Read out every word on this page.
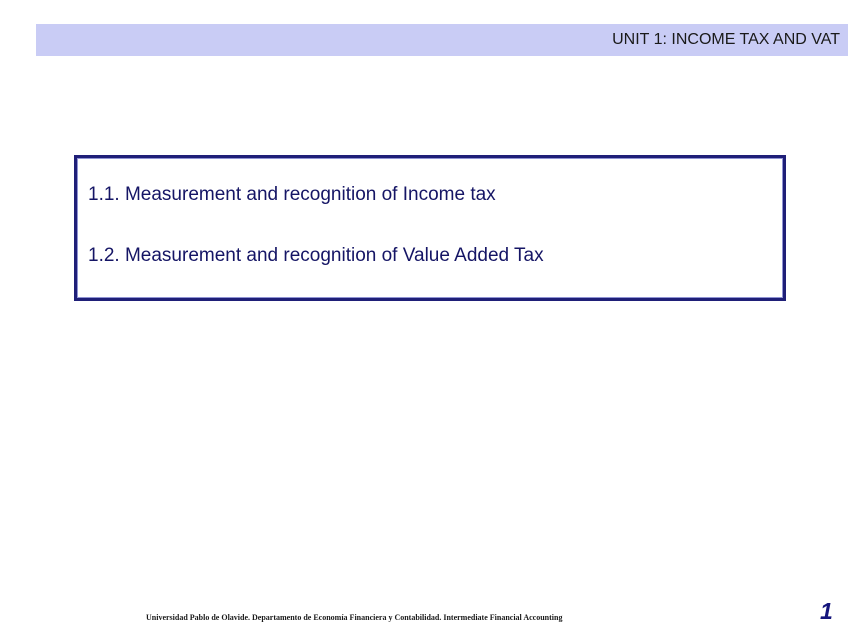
UNIT 1: INCOME TAX AND VAT
1.1. Measurement and recognition of Income tax
1.2. Measurement and recognition of Value Added Tax
Universidad Pablo de Olavide. Departamento de Economía Financiera y Contabilidad. Intermediate Financial Accounting	1
